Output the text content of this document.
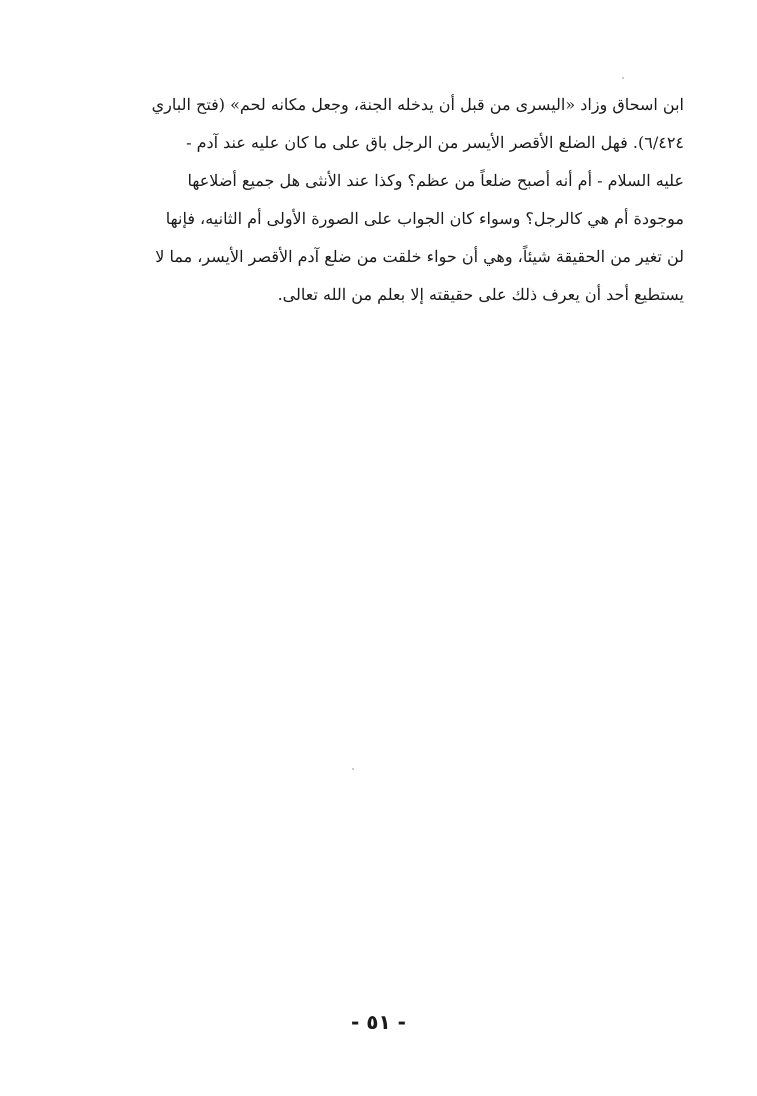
ابن اسحاق وزاد «اليسرى من قبل أن يدخله الجنة، وجعل مكانه لحم» (فتح الباري
٦/٤٢٤). فهل الضلع الأقصر الأيسر من الرجل باق على ما كان عليه عند آدم -
عليه السلام - أم أنه أصبح ضلعاً من عظم؟ وكذا عند الأنثى هل جميع أضلاعها
موجودة أم هي كالرجل؟ وسواء كان الجواب على الصورة الأولى أم الثانيه، فإنها
لن تغير من الحقيقة شيئاً، وهي أن حواء خلقت من ضلع آدم الأقصر الأيسر، مما لا
يستطيع أحد أن يعرف ذلك على حقيقته إلا بعلم من الله تعالى.
- ٥١ -
